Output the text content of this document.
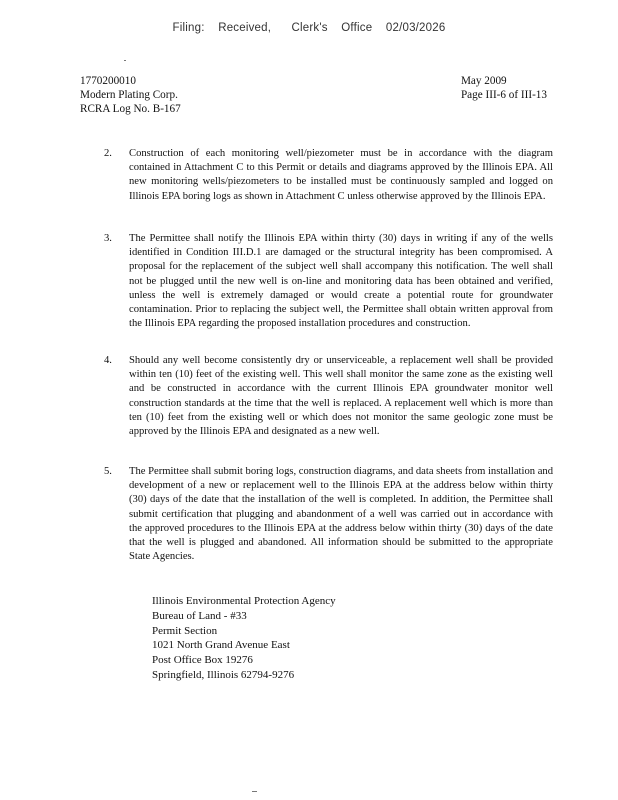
Filing:    Received,      Clerk's    Office    02/03/2026
1770200010
Modern Plating Corp.
RCRA Log No. B-167
May 2009
Page III-6 of III-13
2.	Construction of each monitoring well/piezometer must be in accordance with the diagram contained in Attachment C to this Permit or details and diagrams approved by the Illinois EPA. All new monitoring wells/piezometers to be installed must be continuously sampled and logged on Illinois EPA boring logs as shown in Attachment C unless otherwise approved by the Illinois EPA.
3.	The Permittee shall notify the Illinois EPA within thirty (30) days in writing if any of the wells identified in Condition III.D.1 are damaged or the structural integrity has been compromised. A proposal for the replacement of the subject well shall accompany this notification. The well shall not be plugged until the new well is on-line and monitoring data has been obtained and verified, unless the well is extremely damaged or would create a potential route for groundwater contamination. Prior to replacing the subject well, the Permittee shall obtain written approval from the Illinois EPA regarding the proposed installation procedures and construction.
4.	Should any well become consistently dry or unserviceable, a replacement well shall be provided within ten (10) feet of the existing well. This well shall monitor the same zone as the existing well and be constructed in accordance with the current Illinois EPA groundwater monitor well construction standards at the time that the well is replaced. A replacement well which is more than ten (10) feet from the existing well or which does not monitor the same geologic zone must be approved by the Illinois EPA and designated as a new well.
5.	The Permittee shall submit boring logs, construction diagrams, and data sheets from installation and development of a new or replacement well to the Illinois EPA at the address below within thirty (30) days of the date that the installation of the well is completed. In addition, the Permittee shall submit certification that plugging and abandonment of a well was carried out in accordance with the approved procedures to the Illinois EPA at the address below within thirty (30) days of the date that the well is plugged and abandoned. All information should be submitted to the appropriate State Agencies.
Illinois Environmental Protection Agency
Bureau of Land - #33
Permit Section
1021 North Grand Avenue East
Post Office Box 19276
Springfield, Illinois 62794-9276
